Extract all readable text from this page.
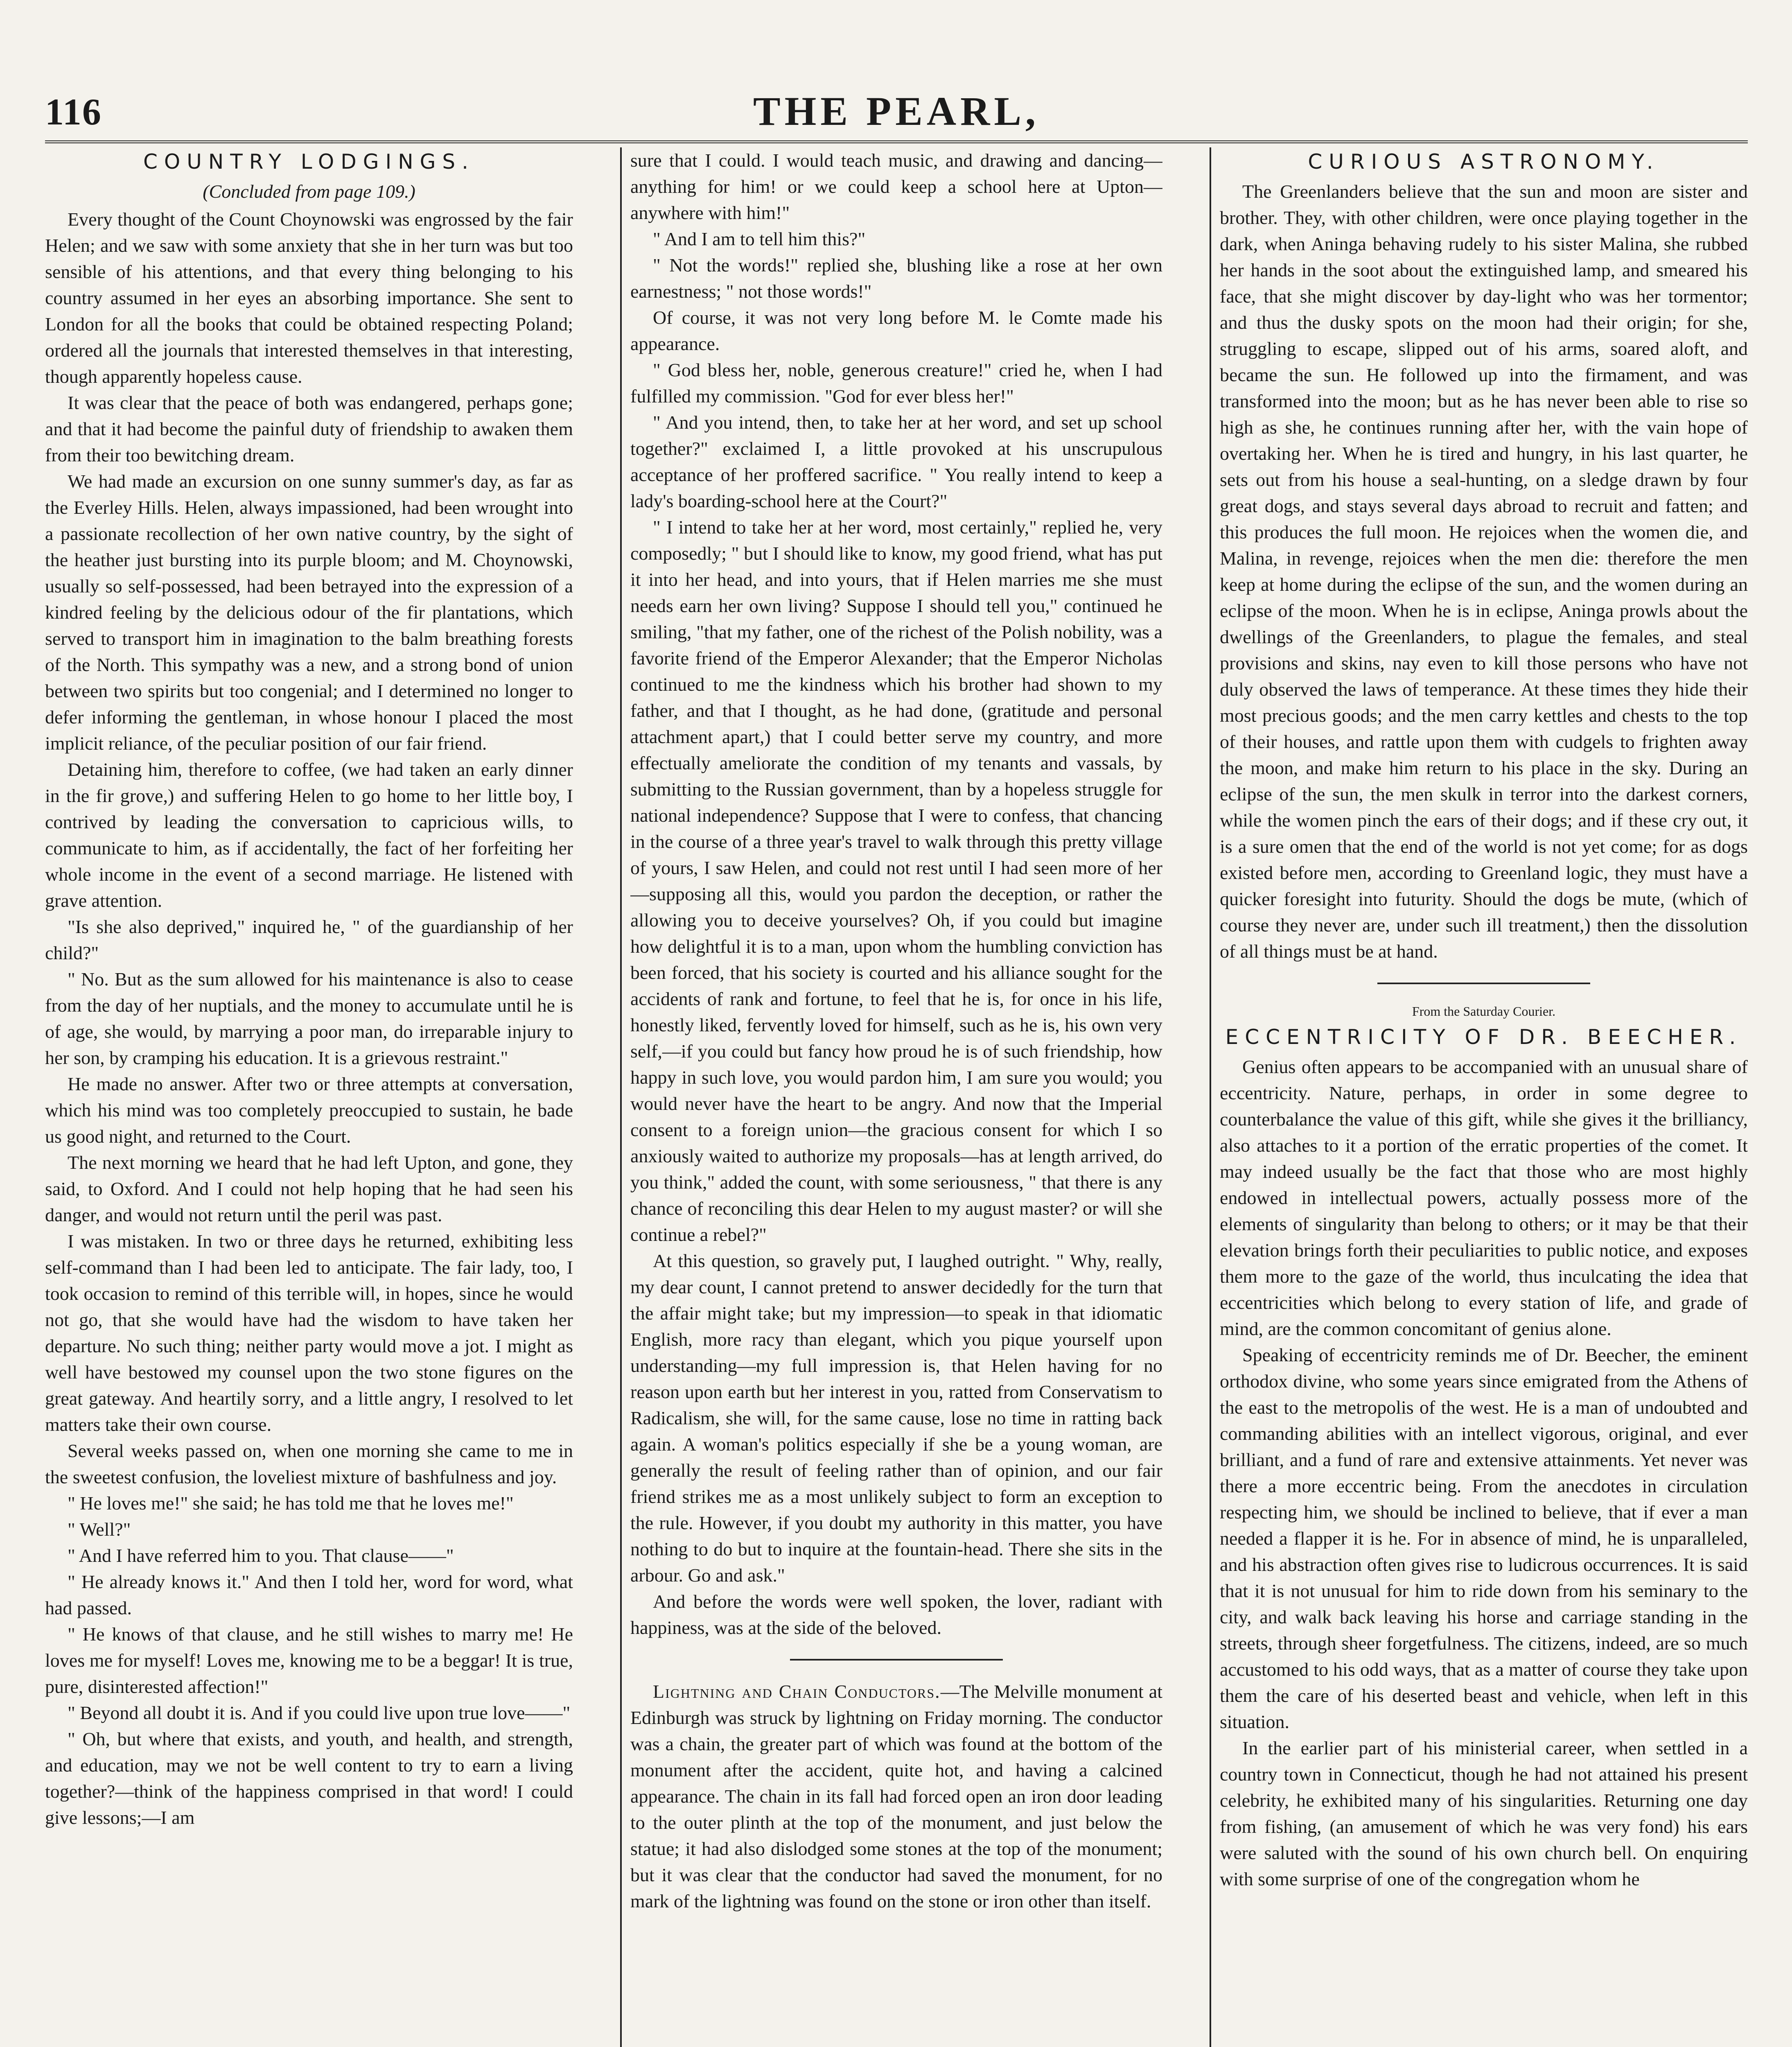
116	THE PEARL,
COUNTRY LODGINGS.
(Concluded from page 109.)

Every thought of the Count Choynowski was engrossed by the fair Helen; and we saw with some anxiety that she in her turn was but too sensible of his attentions, and that every thing belonging to his country assumed in her eyes an absorbing importance. She sent to London for all the books that could be obtained respecting Poland; ordered all the journals that interested themselves in that interesting, though apparently hopeless cause.

It was clear that the peace of both was endangered, perhaps gone; and that it had become the painful duty of friendship to awaken them from their too bewitching dream.

We had made an excursion on one sunny summer's day, as far as the Everley Hills. Helen, always impassioned, had been wrought into a passionate recollection of her own native country, by the sight of the heather just bursting into its purple bloom; and M. Choynowski, usually so self-possessed, had been betrayed into the expression of a kindred feeling by the delicious odour of the fir plantations, which served to transport him in imagination to the balm breathing forests of the North. This sympathy was a new, and a strong bond of union between two spirits but too congenial; and I determined no longer to defer informing the gentleman, in whose honour I placed the most implicit reliance, of the peculiar position of our fair friend.

Detaining him, therefore to coffee, (we had taken an early dinner in the fir grove,) and suffering Helen to go home to her little boy, I contrived by leading the conversation to capricious wills, to communicate to him, as if accidentally, the fact of her forfeiting her whole income in the event of a second marriage. He listened with grave attention.

"Is she also deprived," inquired he, " of the guardianship of her child?"

" No. But as the sum allowed for his maintenance is also to cease from the day of her nuptials, and the money to accumulate until he is of age, she would, by marrying a poor man, do irreparable injury to her son, by cramping his education. It is a grievous restraint."

He made no answer. After two or three attempts at conversation, which his mind was too completely preoccupied to sustain, he bade us good night, and returned to the Court.

The next morning we heard that he had left Upton, and gone, they said, to Oxford. And I could not help hoping that he had seen his danger, and would not return until the peril was past.

I was mistaken. In two or three days he returned, exhibiting less self-command than I had been led to anticipate. The fair lady, too, I took occasion to remind of this terrible will, in hopes, since he would not go, that she would have had the wisdom to have taken her departure. No such thing; neither party would move a jot. I might as well have bestowed my counsel upon the two stone figures on the great gateway. And heartily sorry, and a little angry, I resolved to let matters take their own course.

Several weeks passed on, when one morning she came to me in the sweetest confusion, the loveliest mixture of bashfulness and joy.

" He loves me!" she said; he has told me that he loves me!"

" Well?"

" And I have referred him to you. That clause——"

" He already knows it." And then I told her, word for word, what had passed.

" He knows of that clause, and he still wishes to marry me! He loves me for myself! Loves me, knowing me to be a beggar! It is true, pure, disinterested affection!"

" Beyond all doubt it is. And if you could live upon true love——"

" Oh, but where that exists, and youth, and health, and strength, and education, may we not be well content to try to earn a living together?—think of the happiness comprised in that word! I could give lessons;—I am

sure that I could. I would teach music, and drawing and dancing—anything for him! or we could keep a school here at Upton—anywhere with him!"

" And I am to tell him this?"

" Not the words!" replied she, blushing like a rose at her own earnestness; " not those words!"

Of course, it was not very long before M. le Comte made his appearance.

" God bless her, noble, generous creature!" cried he, when I had fulfilled my commission. "God for ever bless her!"

" And you intend, then, to take her at her word, and set up school together?" exclaimed I, a little provoked at his unscrupulous acceptance of her proffered sacrifice. " You really intend to keep a lady's boarding-school here at the Court?"

" I intend to take her at her word, most certainly," replied he, very composedly; " but I should like to know, my good friend, what has put it into her head, and into yours, that if Helen marries me she must needs earn her own living? Suppose I should tell you," continued he smiling, "that my father, one of the richest of the Polish nobility, was a favorite friend of the Emperor Alexander; that the Emperor Nicholas continued to me the kindness which his brother had shown to my father, and that I thought, as he had done, (gratitude and personal attachment apart,) that I could better serve my country, and more effectually ameliorate the condition of my tenants and vassals, by submitting to the Russian government, than by a hopeless struggle for national independence? Suppose that I were to confess, that chancing in the course of a three year's travel to walk through this pretty village of yours, I saw Helen, and could not rest until I had seen more of her—supposing all this, would you pardon the deception, or rather the allowing you to deceive yourselves? Oh, if you could but imagine how delightful it is to a man, upon whom the humbling conviction has been forced, that his society is courted and his alliance sought for the accidents of rank and fortune, to feel that he is, for once in his life, honestly liked, fervently loved for himself, such as he is, his own very self,—if you could but fancy how proud he is of such friendship, how happy in such love, you would pardon him, I am sure you would; you would never have the heart to be angry. And now that the Imperial consent to a foreign union—the gracious consent for which I so anxiously waited to authorize my proposals—has at length arrived, do you think," added the count, with some seriousness, " that there is any chance of reconciling this dear Helen to my august master? or will she continue a rebel?"

At this question, so gravely put, I laughed outright. " Why, really, my dear count, I cannot pretend to answer decidedly for the turn that the affair might take; but my impression—to speak in that idiomatic English, more racy than elegant, which you pique yourself upon understanding—my full impression is, that Helen having for no reason upon earth but her interest in you, ratted from Conservatism to Radicalism, she will, for the same cause, lose no time in ratting back again. A woman's politics especially if she be a young woman, are generally the result of feeling rather than of opinion, and our fair friend strikes me as a most unlikely subject to form an exception to the rule. However, if you doubt my authority in this matter, you have nothing to do but to inquire at the fountain-head. There she sits in the arbour. Go and ask."

And before the words were well spoken, the lover, radiant with happiness, was at the side of the beloved.

Lightning and Chain Conductors.—The Melville monument at Edinburgh was struck by lightning on Friday morning. The conductor was a chain, the greater part of which was found at the bottom of the monument after the accident, quite hot, and having a calcined appearance. The chain in its fall had forced open an iron door leading to the outer plinth at the top of the monument, and just below the statue; it had also dislodged some stones at the top of the monument; but it was clear that the conductor had saved the monument, for no mark of the lightning was found on the stone or iron other than itself.

CURIOUS ASTRONOMY.

The Greenlanders believe that the sun and moon are sister and brother. They, with other children, were once playing together in the dark, when Aninga behaving rudely to his sister Malina, she rubbed her hands in the soot about the extinguished lamp, and smeared his face, that she might discover by day-light who was her tormentor; and thus the dusky spots on the moon had their origin; for she, struggling to escape, slipped out of his arms, soared aloft, and became the sun. He followed up into the firmament, and was transformed into the moon; but as he has never been able to rise so high as she, he continues running after her, with the vain hope of overtaking her. When he is tired and hungry, in his last quarter, he sets out from his house a seal-hunting, on a sledge drawn by four great dogs, and stays several days abroad to recruit and fatten; and this produces the full moon. He rejoices when the women die, and Malina, in revenge, rejoices when the men die: therefore the men keep at home during the eclipse of the sun, and the women during an eclipse of the moon. When he is in eclipse, Aninga prowls about the dwellings of the Greenlanders, to plague the females, and steal provisions and skins, nay even to kill those persons who have not duly observed the laws of temperance. At these times they hide their most precious goods; and the men carry kettles and chests to the top of their houses, and rattle upon them with cudgels to frighten away the moon, and make him return to his place in the sky. During an eclipse of the sun, the men skulk in terror into the darkest corners, while the women pinch the ears of their dogs; and if these cry out, it is a sure omen that the end of the world is not yet come; for as dogs existed before men, according to Greenland logic, they must have a quicker foresight into futurity. Should the dogs be mute, (which of course they never are, under such ill treatment,) then the dissolution of all things must be at hand.

From the Saturday Courier.
ECCENTRICITY OF DR. BEECHER.

Genius often appears to be accompanied with an unusual share of eccentricity. Nature, perhaps, in order in some degree to counterbalance the value of this gift, while she gives it the brilliancy, also attaches to it a portion of the erratic properties of the comet. It may indeed usually be the fact that those who are most highly endowed in intellectual powers, actually possess more of the elements of singularity than belong to others; or it may be that their elevation brings forth their peculiarities to public notice, and exposes them more to the gaze of the world, thus inculcating the idea that eccentricities which belong to every station of life, and grade of mind, are the common concomitant of genius alone.

Speaking of eccentricity reminds me of Dr. Beecher, the eminent orthodox divine, who some years since emigrated from the Athens of the east to the metropolis of the west. He is a man of undoubted and commanding abilities with an intellect vigorous, original, and ever brilliant, and a fund of rare and extensive attainments. Yet never was there a more eccentric being. From the anecdotes in circulation respecting him, we should be inclined to believe, that if ever a man needed a flapper it is he. For in absence of mind, he is unparalleled, and his abstraction often gives rise to ludicrous occurrences. It is said that it is not unusual for him to ride down from his seminary to the city, and walk back leaving his horse and carriage standing in the streets, through sheer forgetfulness. The citizens, indeed, are so much accustomed to his odd ways, that as a matter of course they take upon them the care of his deserted beast and vehicle, when left in this situation.

In the earlier part of his ministerial career, when settled in a country town in Connecticut, though he had not attained his present celebrity, he exhibited many of his singularities. Returning one day from fishing, (an amusement of which he was very fond) his ears were saluted with the sound of his own church bell. On enquiring with some surprise of one of the congregation whom he
